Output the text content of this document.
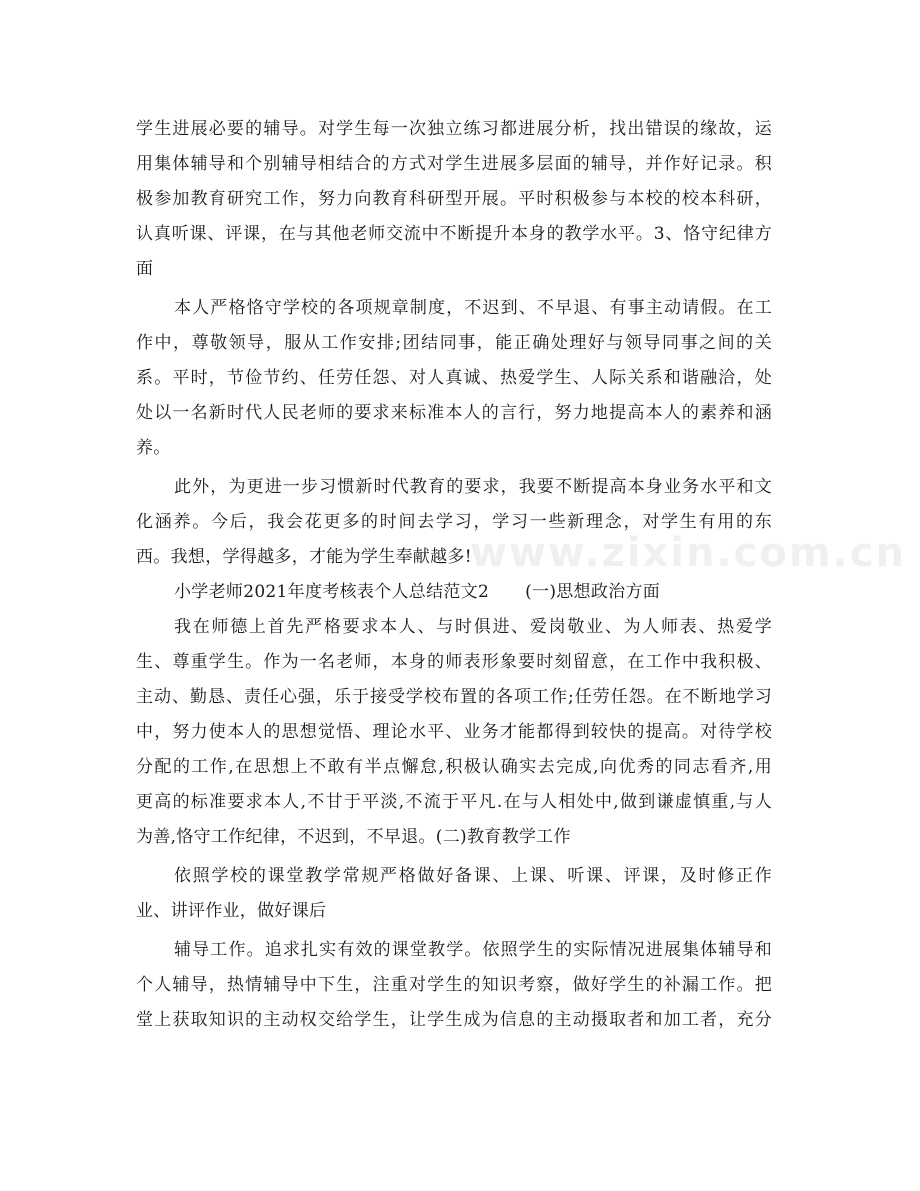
www.zixin.com.cn
学生进展必要的辅导。对学生每一次独立练习都进展分析，找出错误的缘故，运
用集体辅导和个别辅导相结合的方式对学生进展多层面的辅导，并作好记录。积
极参加教育研究工作，努力向教育科研型开展。平时积极参与本校的校本科研，
认真听课、评课，在与其他老师交流中不断提升本身的教学水平。3、恪守纪律方
面
本人严格恪守学校的各项规章制度，不迟到、不早退、有事主动请假。在工
作中，尊敬领导，服从工作安排;团结同事，能正确处理好与领导同事之间的关
系。平时，节俭节约、任劳任怨、对人真诚、热爱学生、人际关系和谐融洽，处
处以一名新时代人民老师的要求来标准本人的言行，努力地提高本人的素养和涵
养。
此外，为更进一步习惯新时代教育的要求，我要不断提高本身业务水平和文
化涵养。今后，我会花更多的时间去学习，学习一些新理念，对学生有用的东
西。我想，学得越多，才能为学生奉献越多!
小学老师2021年度考核表个人总结范文2 (一)思想政治方面
我在师德上首先严格要求本人、与时俱进、爱岗敬业、为人师表、热爱学
生、尊重学生。作为一名老师，本身的师表形象要时刻留意，在工作中我积极、
主动、勤恳、责任心强，乐于接受学校布置的各项工作;任劳任怨。在不断地学习
中，努力使本人的思想觉悟、理论水平、业务才能都得到较快的提高。对待学校
分配的工作,在思想上不敢有半点懈怠,积极认确实去完成,向优秀的同志看齐,用
更高的标准要求本人,不甘于平淡,不流于平凡.在与人相处中,做到谦虚慎重,与人
为善,恪守工作纪律，不迟到，不早退。(二)教育教学工作
依照学校的课堂教学常规严格做好备课、上课、听课、评课，及时修正作
业、讲评作业，做好课后
辅导工作。追求扎实有效的课堂教学。依照学生的实际情况进展集体辅导和
个人辅导，热情辅导中下生，注重对学生的知识考察，做好学生的补漏工作。把
堂上获取知识的主动权交给学生，让学生成为信息的主动摄取者和加工者，充分
